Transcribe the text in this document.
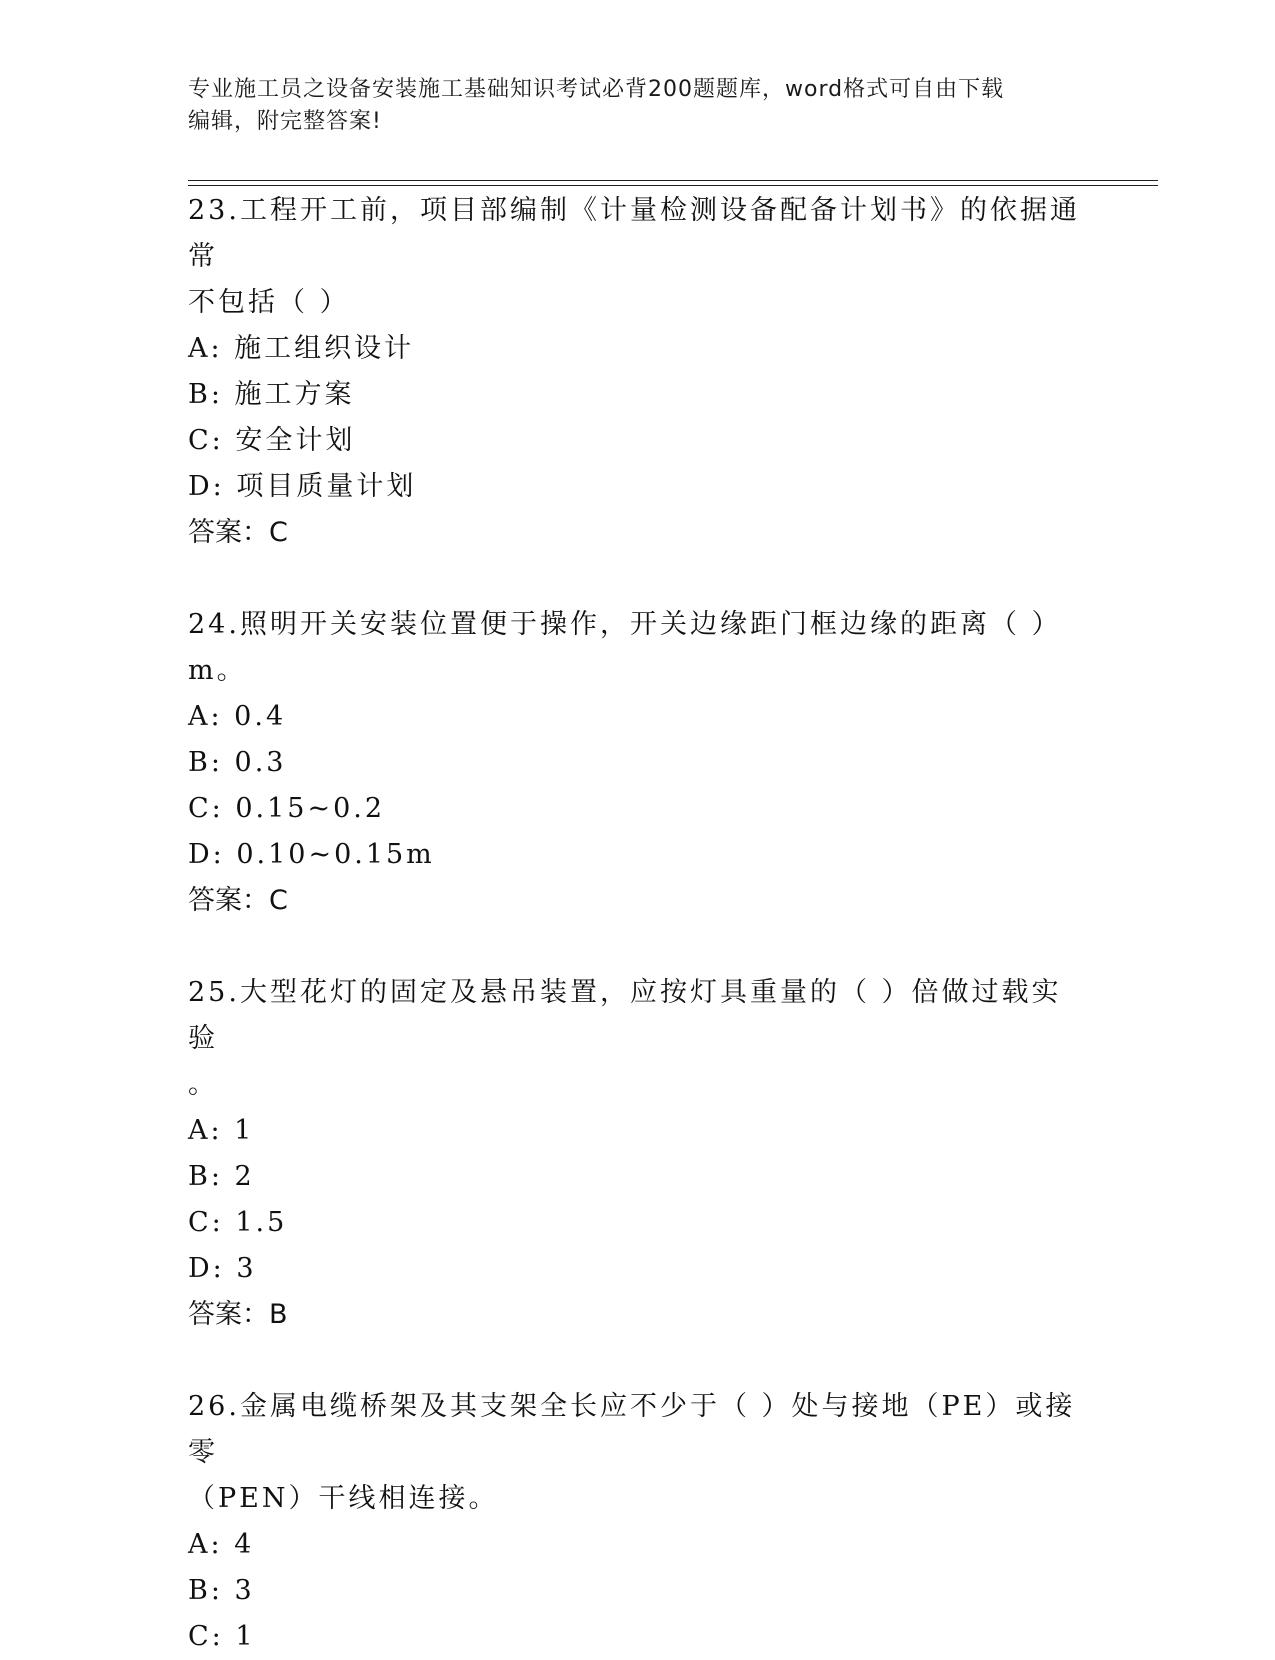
专业施工员之设备安装施工基础知识考试必背200题题库，word格式可自由下载
编辑，附完整答案!

23.工程开工前，项目部编制《计量检测设备配备计划书》的依据通常

不包括（ ）

A: 施工组织设计

B: 施工方案

C: 安全计划

D: 项目质量计划

答案：C

24.照明开关安装位置便于操作，开关边缘距门框边缘的距离（ ）m。

A: 0.4

B: 0.3

C: 0.15~0.2

D: 0.10~0.15m

答案：C

25.大型花灯的固定及悬吊装置，应按灯具重量的（ ）倍做过载实验

。

A: 1

B: 2

C: 1.5

D: 3

答案：B

26.金属电缆桥架及其支架全长应不少于（ ）处与接地（PE）或接零

（PEN）干线相连接。

A: 4

B: 3

C: 1
